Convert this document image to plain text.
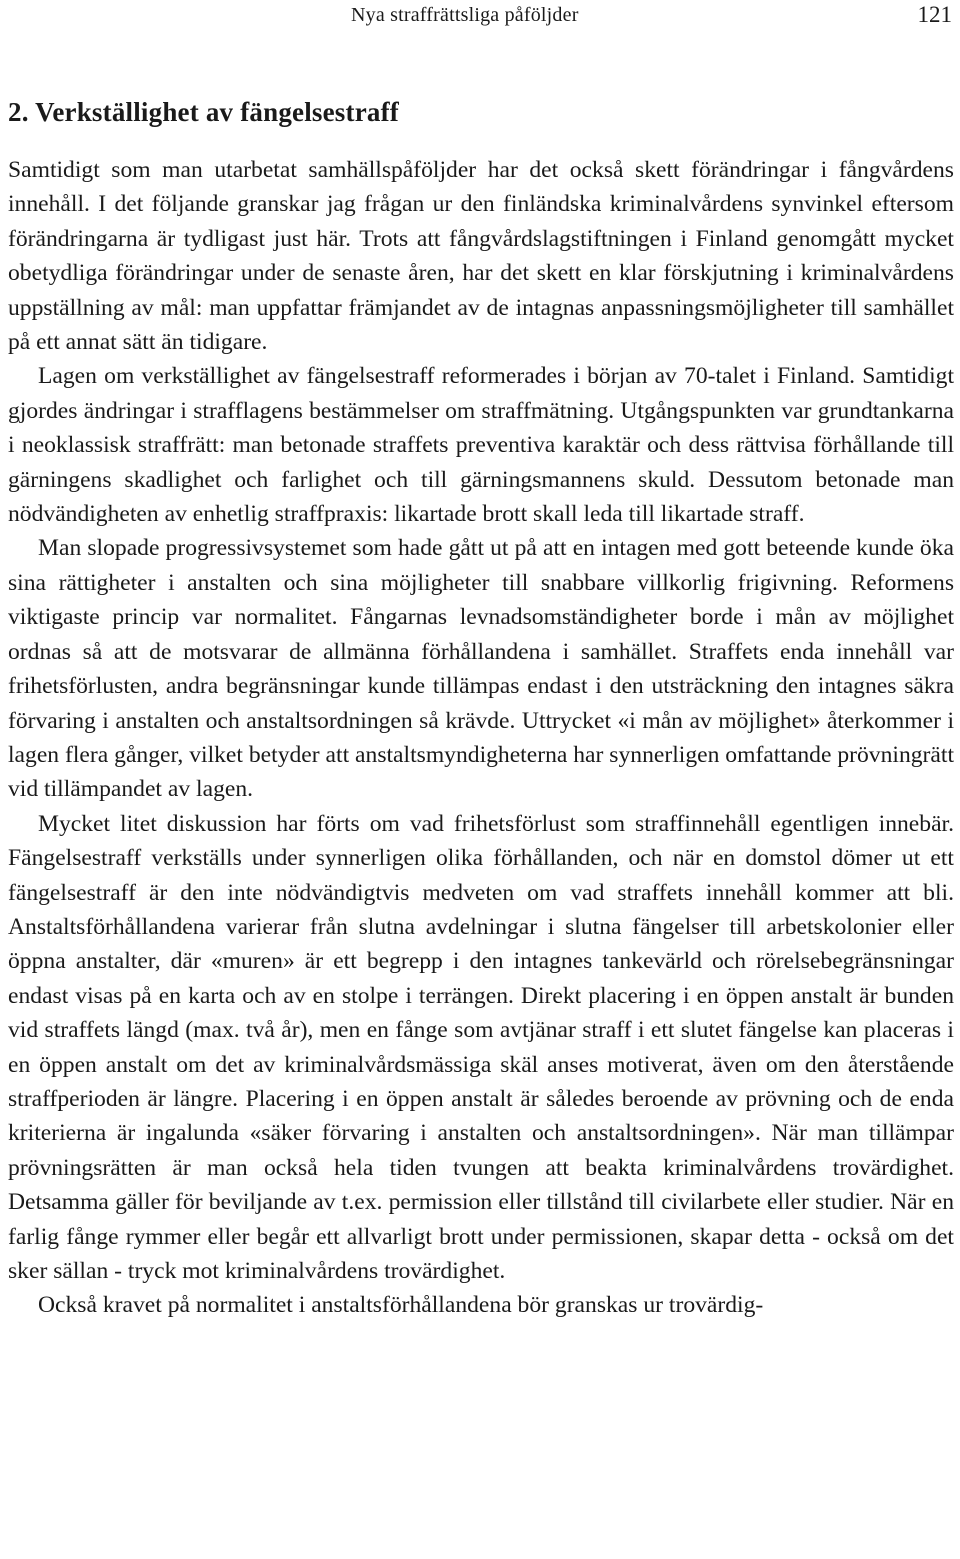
Nya straffrättsliga påföljder	121
2. Verkställighet av fängelsestraff

Samtidigt som man utarbetat samhällspåföljder har det också skett förändringar i fångvårdens innehåll. I det följande granskar jag frågan ur den finländska kriminalvårdens synvinkel eftersom förändringarna är tydligast just här. Trots att fångvårdslagstiftningen i Finland genomgått mycket obetydliga förändringar under de senaste åren, har det skett en klar förskjutning i kriminalvårdens uppställning av mål: man uppfattar främjandet av de intagnas anpassningsmöjligheter till samhället på ett annat sätt än tidigare.

Lagen om verkställighet av fängelsestraff reformerades i början av 70-talet i Finland. Samtidigt gjordes ändringar i strafflagens bestämmelser om straffmätning. Utgångspunkten var grundtankarna i neoklassisk straffrätt: man betonade straffets preventiva karaktär och dess rättvisa förhållande till gärningens skadlighet och farlighet och till gärningsmannens skuld. Dessutom betonade man nödvändigheten av enhetlig straffpraxis: likartade brott skall leda till likartade straff.

Man slopade progressivsystemet som hade gått ut på att en intagen med gott beteende kunde öka sina rättigheter i anstalten och sina möjligheter till snabbare villkorlig frigivning. Reformens viktigaste princip var normalitet. Fångarnas levnadsomständigheter borde i mån av möjlighet ordnas så att de motsvarar de allmänna förhållandena i samhället. Straffets enda innehåll var frihetsförlusten, andra begränsningar kunde tillämpas endast i den utsträckning den intagnes säkra förvaring i anstalten och anstaltsordningen så krävde. Uttrycket «i mån av möjlighet» återkommer i lagen flera gånger, vilket betyder att anstaltsmyndigheterna har synnerligen omfattande prövningrätt vid tillämpandet av lagen.

Mycket litet diskussion har förts om vad frihetsförlust som straffinnehåll egentligen innebär. Fängelsestraff verkställs under synnerligen olika förhållanden, och när en domstol dömer ut ett fängelsestraff är den inte nödvändigtvis medveten om vad straffets innehåll kommer att bli. Anstaltsförhållandena varierar från slutna avdelningar i slutna fängelser till arbetskolonier eller öppna anstalter, där «muren» är ett begrepp i den intagnes tankevärld och rörelsebegränsningar endast visas på en karta och av en stolpe i terrängen. Direkt placering i en öppen anstalt är bunden vid straffets längd (max. två år), men en fånge som avtjänar straff i ett slutet fängelse kan placeras i en öppen anstalt om det av kriminalvårdsmässiga skäl anses motiverat, även om den återstående straffperioden är längre. Placering i en öppen anstalt är således beroende av prövning och de enda kriterierna är ingalunda «säker förvaring i anstalten och anstaltsordningen». När man tillämpar prövningsrätten är man också hela tiden tvungen att beakta kriminalvårdens trovärdighet. Detsamma gäller för beviljande av t.ex. permission eller tillstånd till civilarbete eller studier. När en farlig fånge rymmer eller begår ett allvarligt brott under permissionen, skapar detta - också om det sker sällan - tryck mot kriminalvårdens trovärdighet.

Också kravet på normalitet i anstaltsförhållandena bör granskas ur trovärdig-
